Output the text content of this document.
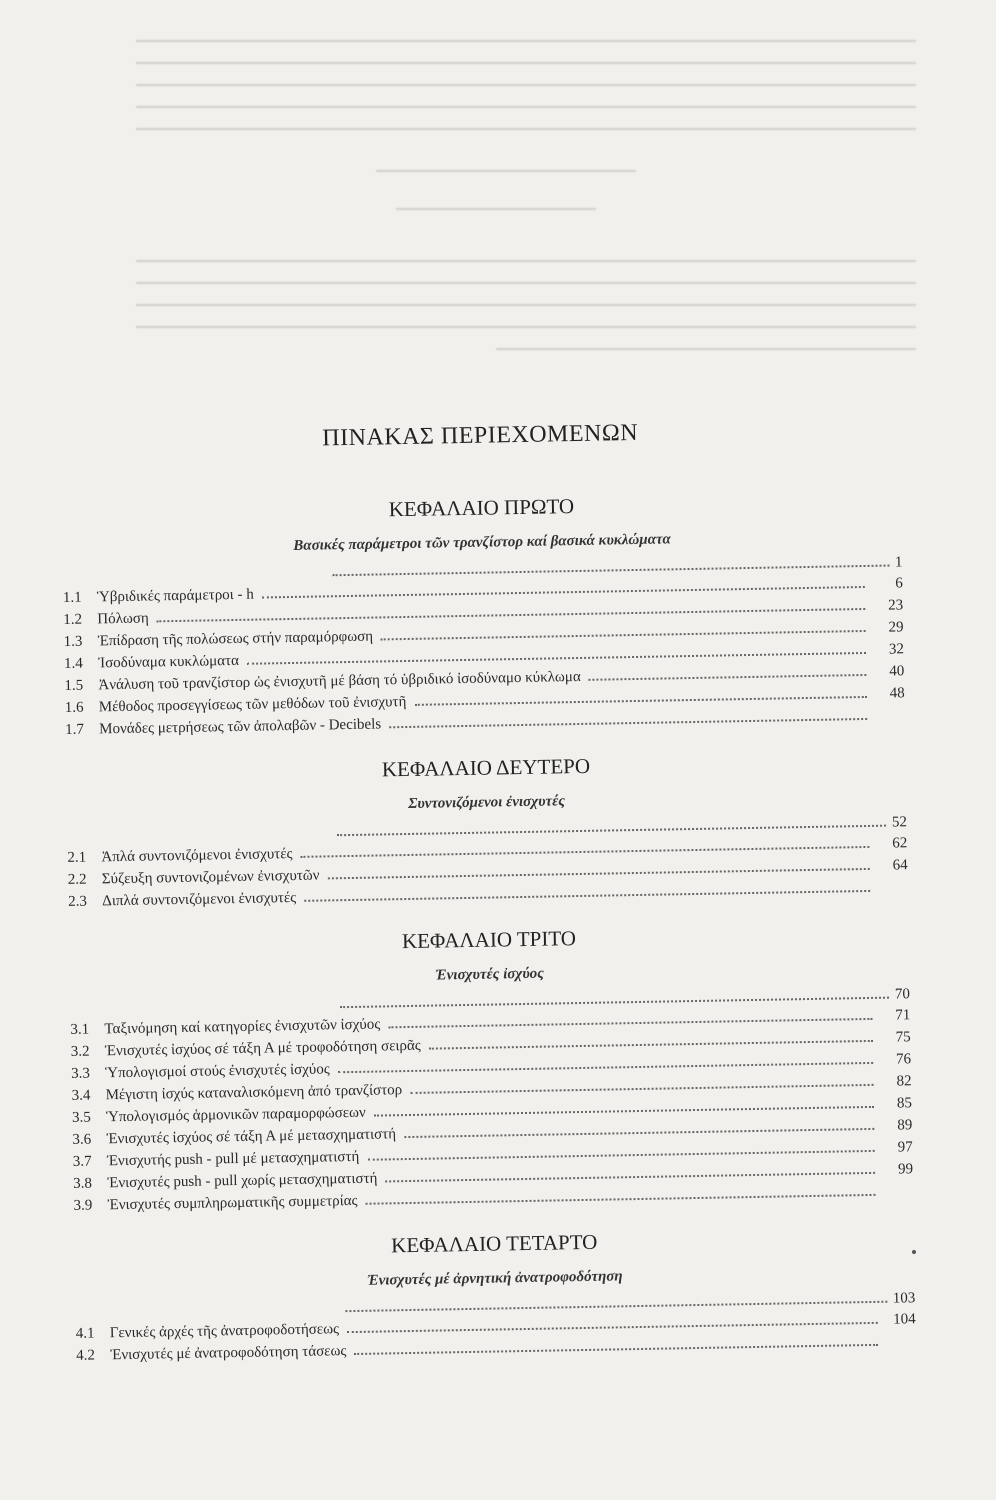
ΠΙΝΑΚΑΣ ΠΕΡΙΕΧΟΜΕΝΩΝ
ΚΕΦΑΛΑΙΟ ΠΡΩΤΟ
Βασικές παράμετροι τῶν τρανζίστορ καί βασικά κυκλώματα
1
1.1 Ὑβριδικές παράμετροι - h
6
1.2 Πόλωση
23
1.3 Ἐπίδραση τῆς πολώσεως στήν παραμόρφωση
29
1.4 Ἰσοδύναμα κυκλώματα
32
1.5 Ἀνάλυση τοῦ τρανζίστορ ὡς ἐνισχυτῆ μέ βάση τό ὑβριδικό ἰσοδύναμο κύκλωμα	40
1.6 Μέθοδος προσεγγίσεως τῶν μεθόδων τοῦ ἐνισχυτῆ
48
1.7 Μονάδες μετρήσεως τῶν ἀπολαβῶν - Decibels
ΚΕΦΑΛΑΙΟ ΔΕΥΤΕΡΟ
Συντονιζόμενοι ἐνισχυτές
52
2.1 Ἁπλά συντονιζόμενοι ἐνισχυτές
62
2.2 Σύζευξη συντονιζομένων ἐνισχυτῶν
64
2.3 Διπλά συντονιζόμενοι ἐνισχυτές
ΚΕΦΑΛΑΙΟ ΤΡΙΤΟ
Ἐνισχυτές ἰσχύος
70
3.1 Ταξινόμηση καί κατηγορίες ἐνισχυτῶν ἰσχύος
71
3.2 Ἐνισχυτές ἰσχύος σέ τάξη Α μέ τροφοδότηση σειρᾶς
75
3.3 Ὑπολογισμοί στούς ἐνισχυτές ἰσχύος
76
3.4 Μέγιστη ἰσχύς καταναλισκόμενη ἀπό τρανζίστορ
82
3.5 Ὑπολογισμός ἁρμονικῶν παραμορφώσεων
85
3.6 Ἐνισχυτές ἰσχύος σέ τάξη Α μέ μετασχηματιστή
89
3.7 Ἐνισχυτής push - pull μέ μετασχηματιστή
97
3.8 Ἐνισχυτές push - pull χωρίς μετασχηματιστή
99
3.9 Ἐνισχυτές συμπληρωματικῆς συμμετρίας
ΚΕΦΑΛΑΙΟ ΤΕΤΑΡΤΟ
Ἐνισχυτές μέ ἀρνητική ἀνατροφοδότηση
103
4.1 Γενικές ἀρχές τῆς ἀνατροφοδοτήσεως
104
4.2 Ἐνισχυτές μέ ἀνατροφοδότηση τάσεως
